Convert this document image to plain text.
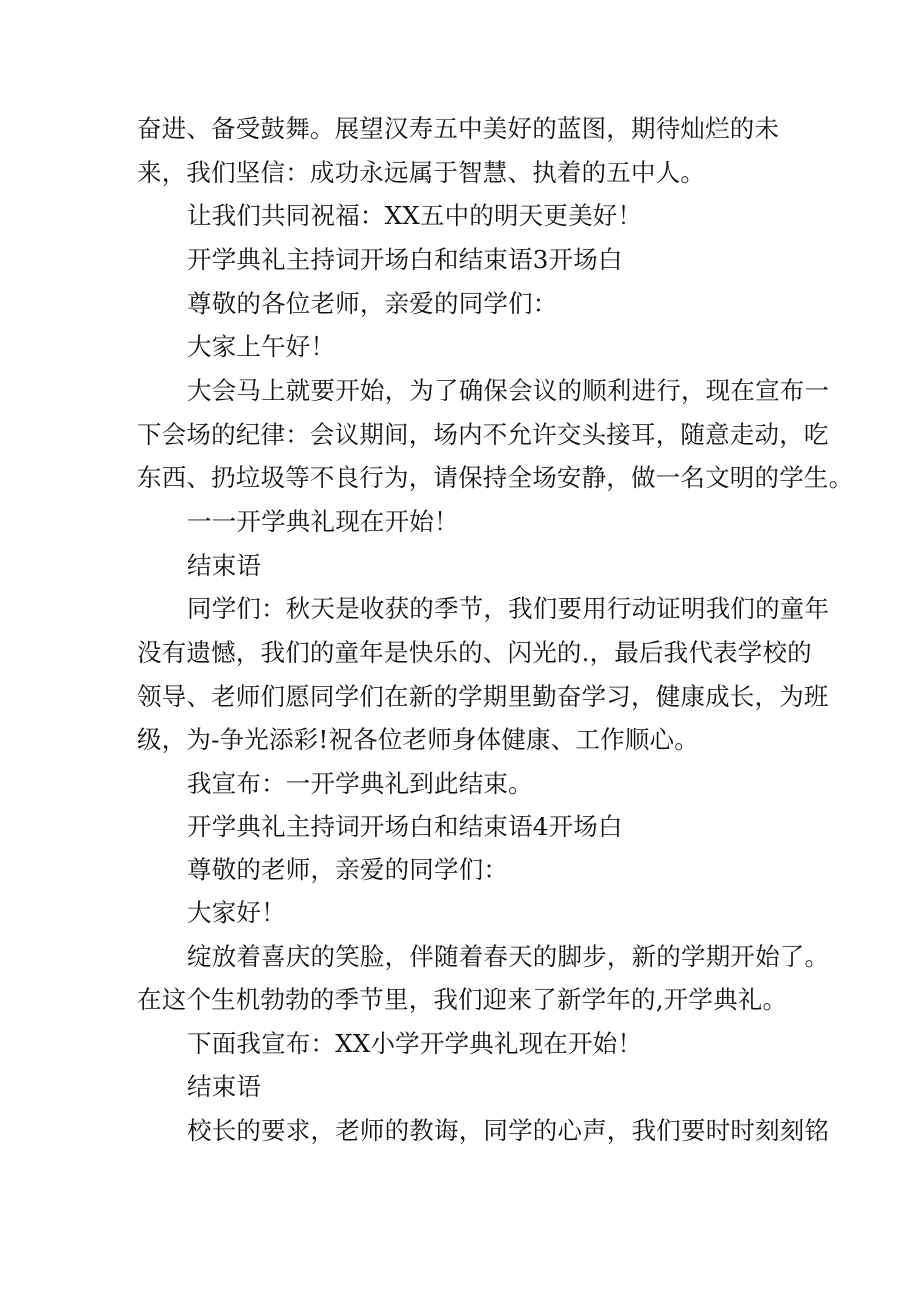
奋进、备受鼓舞。展望汉寿五中美好的蓝图，期待灿烂的未
来，我们坚信：成功永远属于智慧、执着的五中人。
让我们共同祝福：XX五中的明天更美好！
开学典礼主持词开场白和结束语3开场白
尊敬的各位老师，亲爱的同学们：
大家上午好！
大会马上就要开始，为了确保会议的顺利进行，现在宣布一
下会场的纪律：会议期间，场内不允许交头接耳，随意走动，吃
东西、扔垃圾等不良行为，请保持全场安静，做一名文明的学生。
一一开学典礼现在开始！
结束语
同学们：秋天是收获的季节，我们要用行动证明我们的童年
没有遗憾，我们的童年是快乐的、闪光的.，最后我代表学校的
领导、老师们愿同学们在新的学期里勤奋学习，健康成长，为班
级，为-争光添彩!祝各位老师身体健康、工作顺心。
我宣布：一开学典礼到此结束。
开学典礼主持词开场白和结束语4开场白
尊敬的老师，亲爱的同学们：
大家好！
绽放着喜庆的笑脸，伴随着春天的脚步，新的学期开始了。
在这个生机勃勃的季节里，我们迎来了新学年的,开学典礼。
下面我宣布：XX小学开学典礼现在开始！
结束语
校长的要求，老师的教诲，同学的心声，我们要时时刻刻铭
